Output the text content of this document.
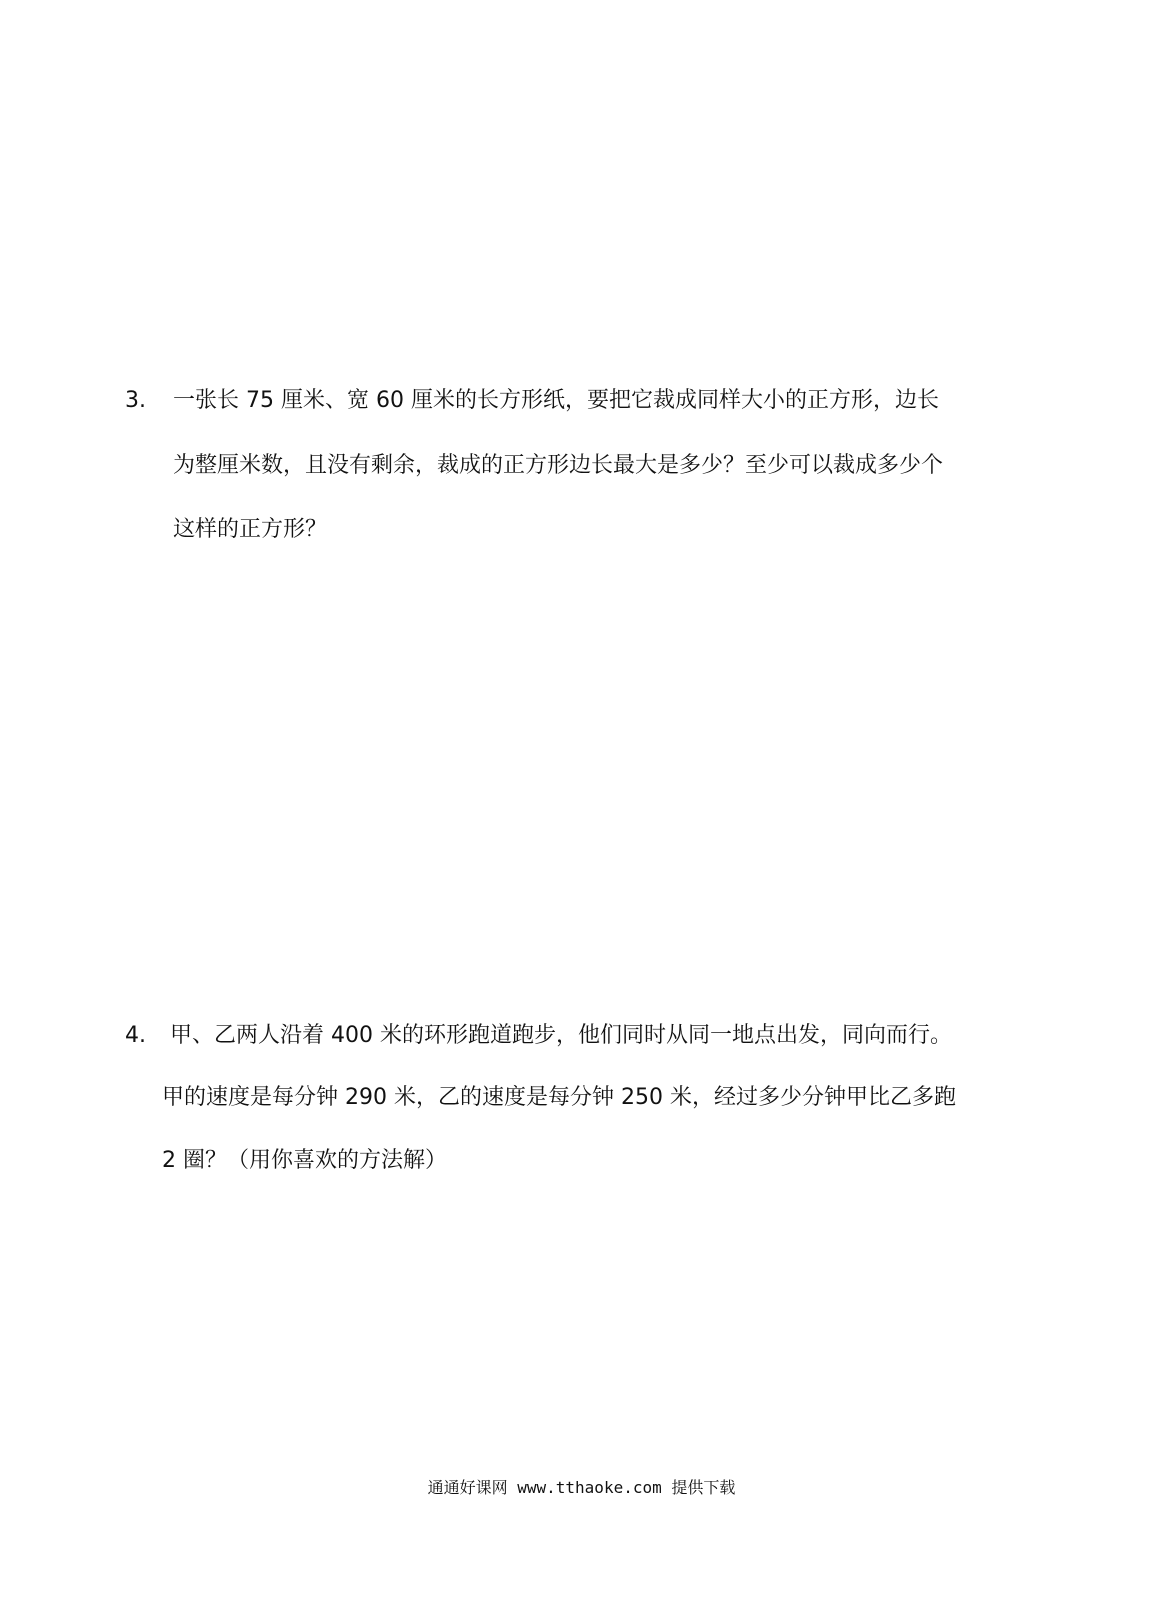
3. 一张长 75 厘米、宽 60 厘米的长方形纸，要把它裁成同样大小的正方形，边长
为整厘米数，且没有剩余，裁成的正方形边长最大是多少？至少可以裁成多少个
这样的正方形？
4. 甲、乙两人沿着 400 米的环形跑道跑步，他们同时从同一地点出发，同向而行。
甲的速度是每分钟 290 米，乙的速度是每分钟 250 米，经过多少分钟甲比乙多跑
2 圈？（用你喜欢的方法解）
通通好课网 www.tthaoke.com 提供下载
